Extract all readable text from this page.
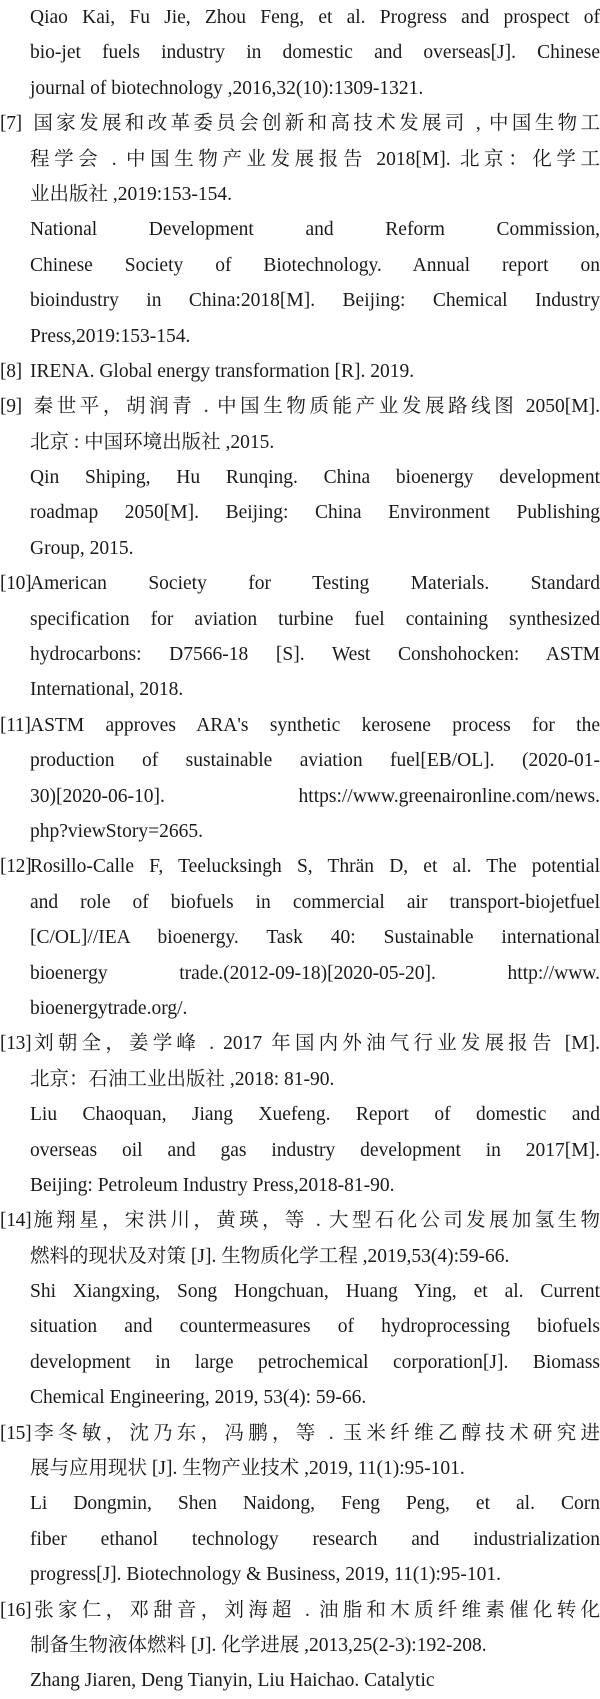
Qiao Kai, Fu Jie, Zhou Feng, et al. Progress and prospect of
bio-jet fuels industry in domestic and overseas[J]. Chinese
journal of biotechnology ,2016,32(10):1309-1321.
[7] 国家发展和改革委员会创新和高技术发展司 , 中国生物工
程学会 . 中国生物产业发展报告 2018[M]. 北京：化学工
业出版社 ,2019:153-154.
National Development and Reform Commission,
Chinese Society of Biotechnology. Annual report on
bioindustry in China:2018[M]. Beijing: Chemical Industry
Press,2019:153-154.
[8] IRENA. Global energy transformation [R]. 2019.
[9] 秦世平，胡润青 . 中国生物质能产业发展路线图 2050[M].
北京 : 中国环境出版社 ,2015.
Qin Shiping, Hu Runqing. China bioenergy development
roadmap 2050[M]. Beijing: China Environment Publishing
Group, 2015.
[10]American Society for Testing Materials. Standard
specification for aviation turbine fuel containing synthesized
hydrocarbons: D7566-18 [S]. West Conshohocken: ASTM
International, 2018.
[11]ASTM approves ARA's synthetic kerosene process for the
production of sustainable aviation fuel[EB/OL]. (2020-01-
30)[2020-06-10]. https://www.greenaironline.com/news.
php?viewStory=2665.
[12]Rosillo-Calle F, Teelucksingh S, Thrän D, et al. The potential
and role of biofuels in commercial air transport-biojetfuel
[C/OL]//IEA bioenergy. Task 40: Sustainable international
bioenergy trade.(2012-09-18)[2020-05-20]. http://www.
bioenergytrade.org/.
[13]刘朝全，姜学峰 . 2017 年国内外油气行业发展报告 [M].
北京：石油工业出版社 ,2018: 81-90.
Liu Chaoquan, Jiang Xuefeng. Report of domestic and
overseas oil and gas industry development in 2017[M].
Beijing: Petroleum Industry Press,2018-81-90.
[14]施翔星，宋洪川，黄瑛，等 . 大型石化公司发展加氢生物
燃料的现状及对策 [J]. 生物质化学工程 ,2019,53(4):59-66.
Shi Xiangxing, Song Hongchuan, Huang Ying, et al. Current
situation and countermeasures of hydroprocessing biofuels
development in large petrochemical corporation[J]. Biomass
Chemical Engineering, 2019, 53(4): 59-66.
[15]李冬敏，沈乃东，冯鹏，等 . 玉米纤维乙醇技术研究进
展与应用现状 [J]. 生物产业技术 ,2019, 11(1):95-101.
Li Dongmin, Shen Naidong, Feng Peng, et al. Corn
fiber ethanol technology research and industrialization
progress[J]. Biotechnology & Business, 2019, 11(1):95-101.
[16]张家仁，邓甜音，刘海超 . 油脂和木质纤维素催化转化
制备生物液体燃料 [J]. 化学进展 ,2013,25(2-3):192-208.
Zhang Jiaren, Deng Tianyin, Liu Haichao. Catalytic
